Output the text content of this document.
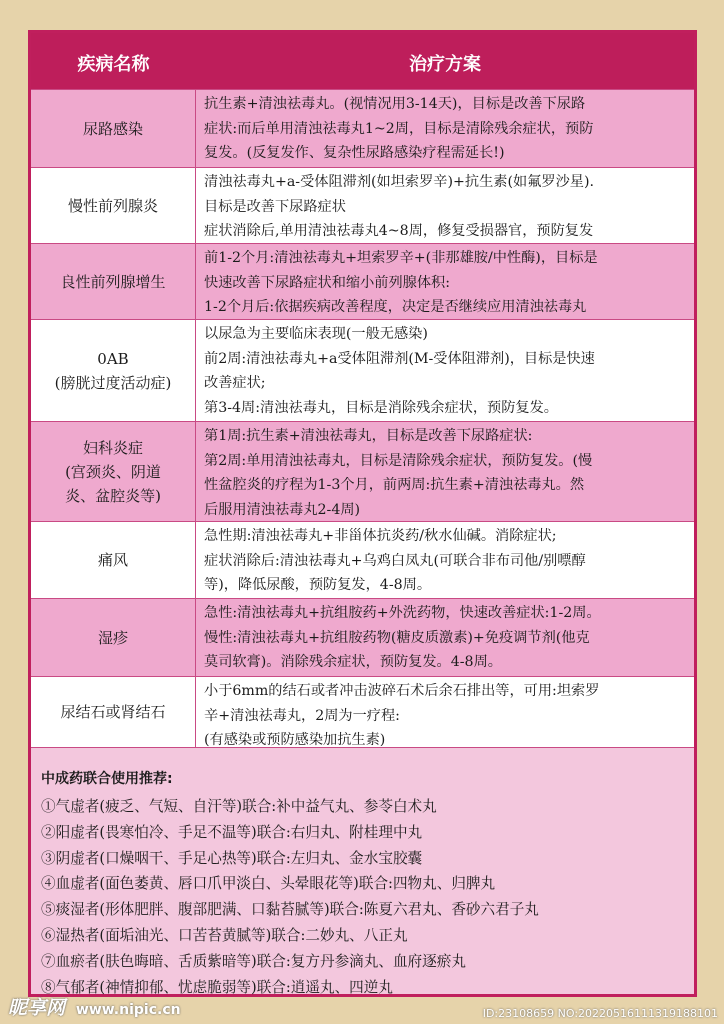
疾病名称	治疗方案
尿路感染
抗生素+清浊祛毒丸。(视情况用3-14天)，目标是改善下尿路
症状:而后单用清浊祛毒丸1~2周，目标是清除残余症状，预防
复发。(反复发作、复杂性尿路感染疗程需延长!)
慢性前列腺炎
清浊祛毒丸+a-受体阻滞剂(如坦索罗辛)+抗生素(如氟罗沙星).
目标是改善下尿路症状
症状消除后,单用清浊祛毒丸4~8周，修复受损器官，预防复发
良性前列腺增生
前1-2个月:清浊祛毒丸+坦索罗辛+(非那雄胺/中性酶)，目标是
快速改善下尿路症状和缩小前列腺体积:
1-2个月后:依据疾病改善程度，决定是否继续应用清浊祛毒丸
0AB
(膀胱过度活动症)
以尿急为主要临床表现(一般无感染)
前2周:清浊祛毒丸+a受体阻滞剂(M-受体阻滞剂)，目标是快速
改善症状;
第3-4周:清浊祛毒丸，目标是消除残余症状，预防复发。
妇科炎症
(宫颈炎、阴道
炎、盆腔炎等)
第1周:抗生素+清浊祛毒丸，目标是改善下尿路症状:
第2周:单用清浊祛毒丸，目标是清除残余症状，预防复发。(慢
性盆腔炎的疗程为1-3个月，前两周:抗生素+清浊祛毒丸。然
后服用清浊祛毒丸2-4周)
痛风
急性期:清浊祛毒丸+非甾体抗炎药/秋水仙碱。消除症状;
症状消除后:清浊祛毒丸+乌鸡白凤丸(可联合非布司他/别嘌醇
等)，降低尿酸，预防复发，4-8周。
湿疹
急性:清浊祛毒丸+抗组胺药+外洗药物，快速改善症状:1-2周。
慢性:清浊祛毒丸+抗组胺药物(糖皮质激素)+免疫调节剂(他克
莫司软膏)。消除残余症状，预防复发。4-8周。
尿结石或肾结石
小于6mm的结石或者冲击波碎石术后余石排出等，可用:坦索罗
辛+清浊祛毒丸，2周为一疗程:
(有感染或预防感染加抗生素)
中成药联合使用推荐:
①气虚者(疲乏、气短、自汗等)联合:补中益气丸、参苓白术丸
②阳虚者(畏寒怕冷、手足不温等)联合:右归丸、附桂理中丸
③阴虚者(口燥咽干、手足心热等)联合:左归丸、金水宝胶囊
④血虚者(面色萎黄、唇口爪甲淡白、头晕眼花等)联合:四物丸、归脾丸
⑤痰湿者(形体肥胖、腹部肥满、口黏苔腻等)联合:陈夏六君丸、香砂六君子丸
⑥湿热者(面垢油光、口苦苔黄腻等)联合:二妙丸、八正丸
⑦血瘀者(肤色晦暗、舌质紫暗等)联合:复方丹参滴丸、血府逐瘀丸
⑧气郁者(神情抑郁、忧虑脆弱等)联合:逍遥丸、四逆丸
昵享网 www.nipic.cn	ID:23108659 NO:20220516111319188101
